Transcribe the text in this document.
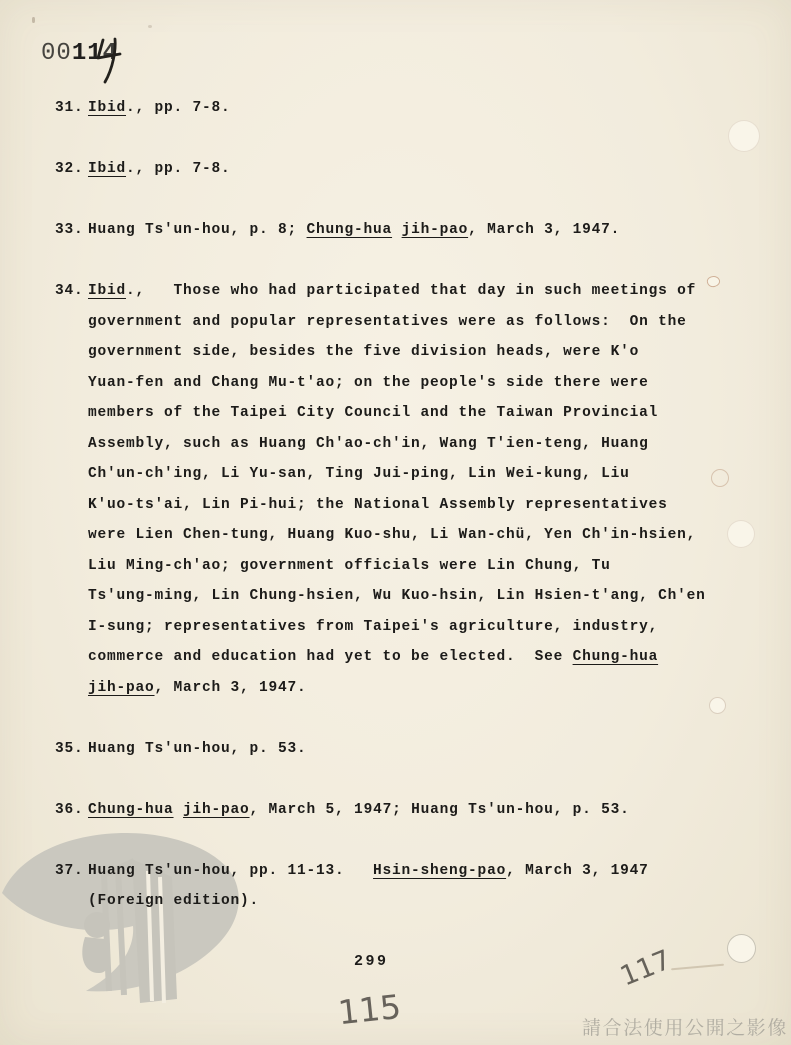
00114
31. Ibid., pp. 7-8.
32. Ibid., pp. 7-8.
33. Huang Ts'un-hou, p. 8; Chung-hua jih-pao, March 3, 1947.
34. Ibid.,   Those who had participated that day in such meetings of
government and popular representatives were as follows:  On the
government side, besides the five division heads, were K'o
Yuan-fen and Chang Mu-t'ao; on the people's side there were
members of the Taipei City Council and the Taiwan Provincial
Assembly, such as Huang Ch'ao-ch'in, Wang T'ien-teng, Huang
Ch'un-ch'ing, Li Yu-san, Ting Jui-ping, Lin Wei-kung, Liu
K'uo-ts'ai, Lin Pi-hui; the National Assembly representatives
were Lien Chen-tung, Huang Kuo-shu, Li Wan-chü, Yen Ch'in-hsien,
Liu Ming-ch'ao; government officials were Lin Chung, Tu
Ts'ung-ming, Lin Chung-hsien, Wu Kuo-hsin, Lin Hsien-t'ang, Ch'en
I-sung; representatives from Taipei's agriculture, industry,
commerce and education had yet to be elected.  See Chung-hua
jih-pao, March 3, 1947.
35. Huang Ts'un-hou, p. 53.
36. Chung-hua jih-pao, March 5, 1947; Huang Ts'un-hou, p. 53.
37. Huang Ts'un-hou, pp. 11-13.   Hsin-sheng-pao, March 3, 1947
(Foreign edition).
299
115
117
請合法使用公開之影像
